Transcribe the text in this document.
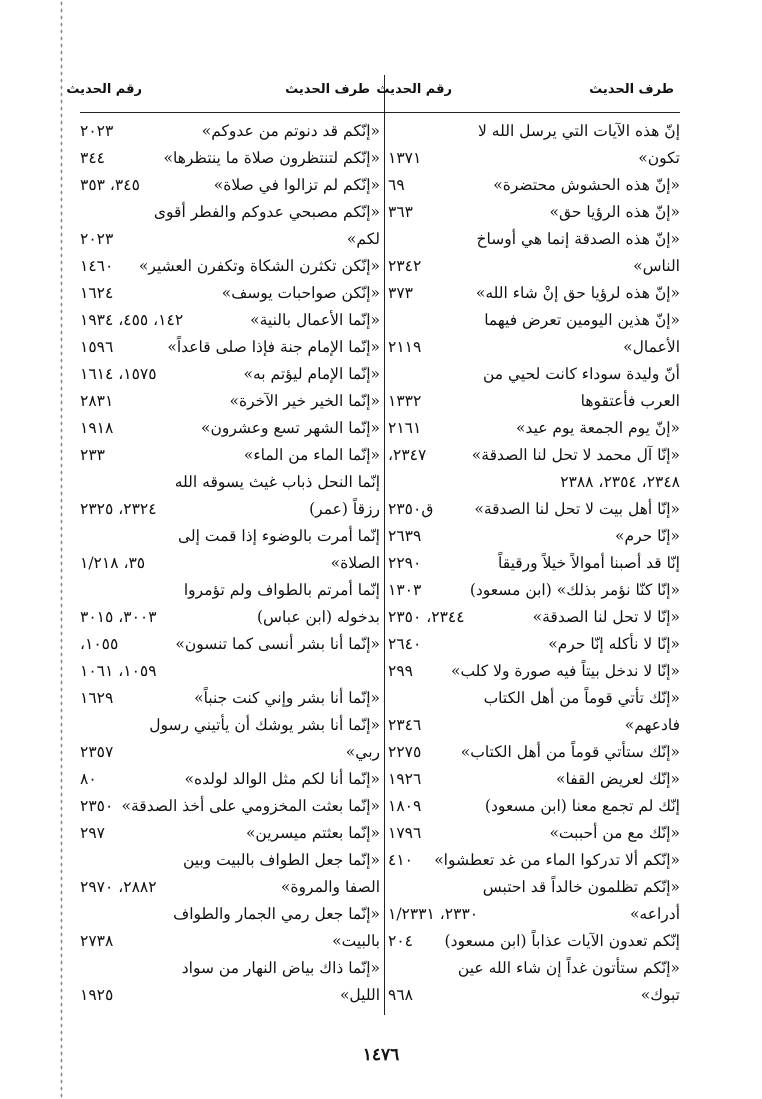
طرف الحديث
رقم الحديث
طرف الحديث
رقم الحديث
إنّ هذه الآيات التي يرسل الله لا
تكون»
١٣٧١
«إنّ هذه الحشوش محتضرة»
٦٩
«إنّ هذه الرؤيا حق»
٣٦٣
«إنّ هذه الصدقة إنما هي أوساخ
الناس»
٢٣٤٢
«إنّ هذه لرؤيا حق إنْ شاء الله»
٣٧٣
«إنّ هذين اليومين تعرض فيهما
الأعمال»
٢١١٩
أنّ وليدة سوداء كانت لحيي من
العرب فأعتقوها
١٣٣٢
«إنّ يوم الجمعة يوم عيد»
٢١٦١
«إنّا آل محمد لا تحل لنا الصدقة»
٢٣٤٧،
٢٣٤٨، ٢٣٥٤، ٢٣٨٨
«إنّا أهل بيت لا تحل لنا الصدقة»
ق٢٣٥٠
«إنّا حرم»
٢٦٣٩
إنّا قد أصبنا أموالاً خيلاً ورقيقاً
٢٢٩٠
«إنّا كنّا نؤمر بذلك» (ابن مسعود)
١٣٠٣
«إنّا لا تحل لنا الصدقة»
٢٣٤٤، ٢٣٥٠
«إنّا لا نأكله إنّا حرم»
٢٦٤٠
«إنّا لا ندخل بيتاً فيه صورة ولا كلب»
٢٩٩
«إنّك تأتي قوماً من أهل الكتاب
فادعهم»
٢٣٤٦
«إنّك ستأتي قوماً من أهل الكتاب»
٢٢٧٥
«إنّك لعريض القفا»
١٩٢٦
إنّك لم تجمع معنا (ابن مسعود)
١٨٠٩
«إنّك مع من أحببت»
١٧٩٦
«إنّكم ألا تدركوا الماء من غد تعطشوا»
٤١٠
«إنّكم تظلمون خالداً قد احتبس
أدراعه»
٢٣٣٠، ١/٢٣٣١
إنّكم تعدون الآيات عذاباً (ابن مسعود)
٢٠٤
«إنّكم ستأتون غداً إن شاء الله عين
تبوك»
٩٦٨
«إنّكم قد دنوتم من عدوكم»
٢٠٢٣
«إنّكم لتنتظرون صلاة ما ينتظرها»
٣٤٤
«إنّكم لم تزالوا في صلاة»
٣٤٥، ٣٥٣
«إنّكم مصبحي عدوكم والفطر أقوى
لكم»
٢٠٢٣
«إنّكن تكثرن الشكاة وتكفرن العشير»
١٤٦٠
«إنّكن صواحبات يوسف»
١٦٢٤
«إنّما الأعمال بالنية»
١٤٢، ٤٥٥، ١٩٣٤
«إنّما الإمام جنة فإذا صلى قاعداً»
١٥٩٦
«إنّما الإمام ليؤتم به»
١٥٧٥، ١٦١٤
«إنّما الخير خير الآخرة»
٢٨٣١
«إنّما الشهر تسع وعشرون»
١٩١٨
«إنّما الماء من الماء»
٢٣٣
إنّما النحل ذباب غيث يسوقه الله
رزقاً (عمر)
٢٣٢٤، ٢٣٢٥
إنّما أمرت بالوضوء إذا قمت إلى
الصلاة»
٣٥، ١/٢١٨
إنّما أمرتم بالطواف ولم تؤمروا
بدخوله (ابن عباس)
٣٠٠٣، ٣٠١٥
«إنّما أنا بشر أنسى كما تنسون»
١٠٥٥،
١٠٥٩، ١٠٦١
«إنّما أنا بشر وإني كنت جنباً»
١٦٢٩
«إنّما أنا بشر يوشك أن يأتيني رسول
ربي»
٢٣٥٧
«إنّما أنا لكم مثل الوالد لولده»
٨٠
«إنّما بعثت المخزومي على أخذ الصدقة»
٢٣٥٠
«إنّما بعثتم ميسرين»
٢٩٧
«إنّما جعل الطواف بالبيت وبين
الصفا والمروة»
٢٨٨٢، ٢٩٧٠
«إنّما جعل رمي الجمار والطواف
بالبيت»
٢٧٣٨
«إنّما ذاك بياض النهار من سواد
الليل»
١٩٢٥
١٤٧٦
